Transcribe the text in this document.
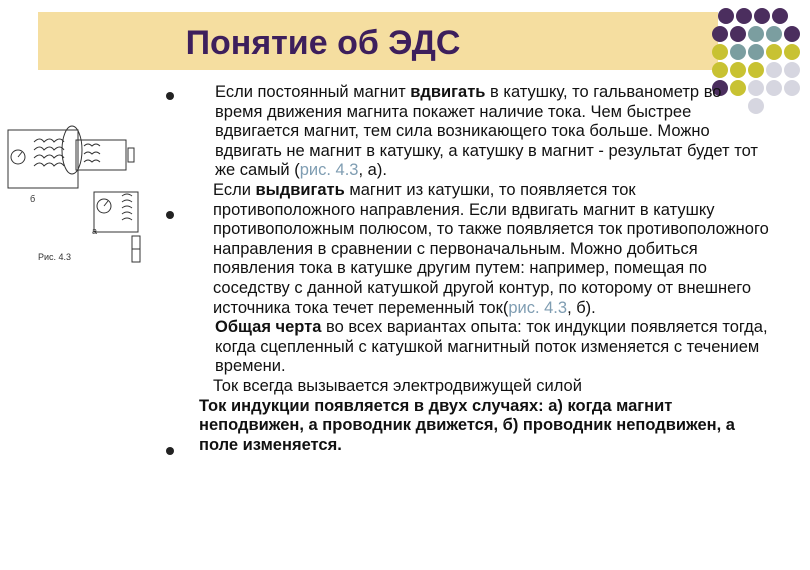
Понятие об ЭДС
б
а
Рис. 4.3

Если постоянный магнит вдвигать в катушку, то гальванометр во время движения магнита покажет наличие тока. Чем быстрее вдвигается магнит, тем сила возникающего тока больше. Можно вдвигать не магнит в катушку, а катушку в магнит - результат будет тот же самый (рис. 4.3, а).

Если выдвигать магнит из катушки, то появляется ток противоположного направления. Если вдвигать магнит в катушку противоположным полюсом, то также появляется ток противоположного направления в сравнении с первоначальным. Можно добиться появления тока в катушке другим путем: например, помещая по соседству с данной катушкой другой контур, по которому от внешнего источника тока течет переменный ток(рис. 4.3, б).

Общая черта во всех вариантах опыта: ток индукции появляется тогда, когда сцепленный с катушкой магнитный поток изменяется с течением времени.

Ток всегда вызывается электродвижущей силой

Ток индукции появляется в двух случаях: а) когда магнит неподвижен, а проводник движется, б) проводник неподвижен, а поле изменяется.
